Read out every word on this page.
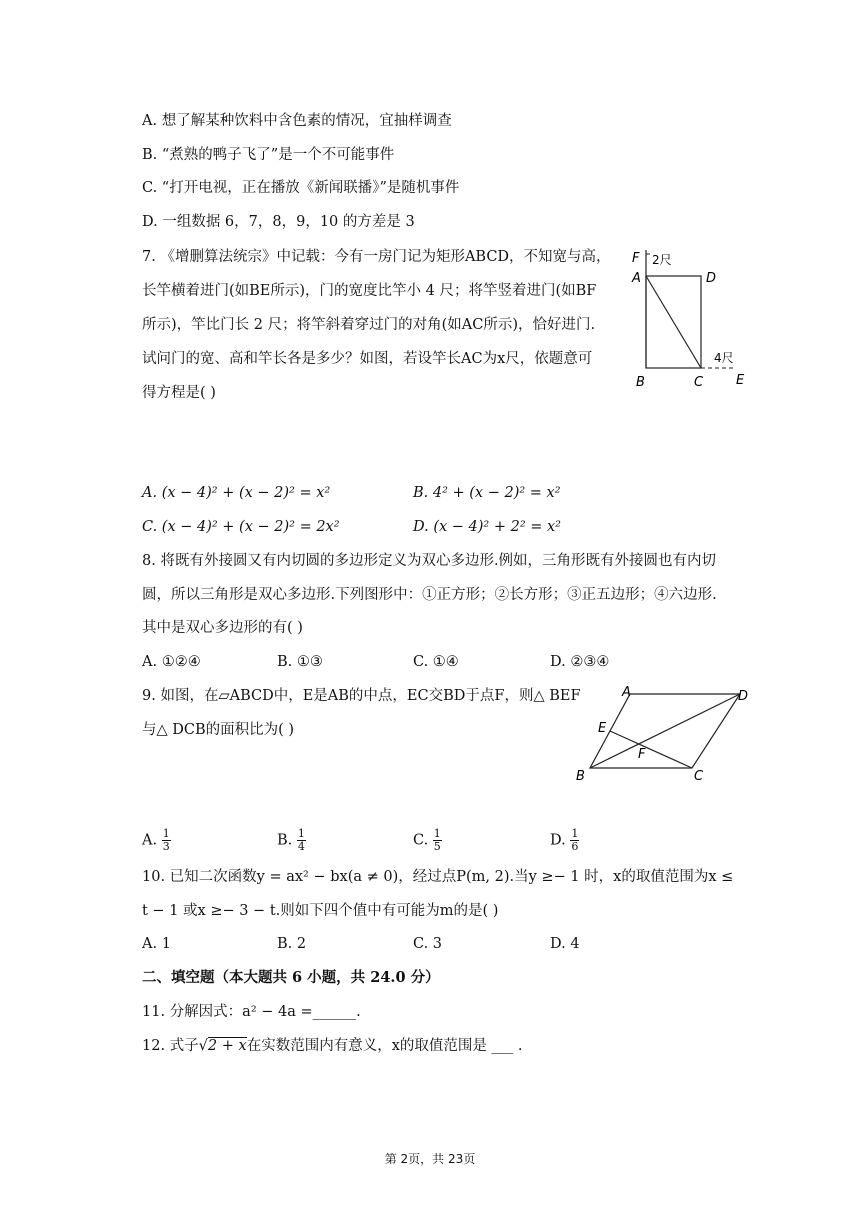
A. 想了解某种饮料中含色素的情况，宜抽样调查
B. “煮熟的鸭子飞了”是一个不可能事件
C. “打开电视，正在播放《新闻联播》”是随机事件
D. 一组数据 6，7，8，9，10 的方差是 3
7. 《增删算法统宗》中记载：今有一房门记为矩形ABCD，不知宽与高，
长竿横着进门(如BE所示)，门的宽度比竿小 4 尺；将竿竖着进门(如BF
所示)，竿比门长 2 尺；将竿斜着穿过门的对角(如AC所示)，恰好进门.
试问门的宽、高和竿长各是多少？如图，若设竿长AC为x尺，依题意可
得方程是( )
F 2尺
A	D
4尺
B	C	E
A. (x − 4)² + (x − 2)² = x²	B. 4² + (x − 2)² = x²
C. (x − 4)² + (x − 2)² = 2x²	D. (x − 4)² + 2² = x²
8. 将既有外接圆又有内切圆的多边形定义为双心多边形.例如，三角形既有外接圆也有内切
圆，所以三角形是双心多边形.下列图形中：①正方形；②长方形；③正五边形；④六边形.
其中是双心多边形的有( )
A. ①②④	B. ①③	C. ①④	D. ②③④
9. 如图，在▱ABCD中，E是AB的中点，EC交BD于点F，则△ BEF
与△ DCB的面积比为( )
A	D
E
F
B	C
A. $\frac{1}{3}$	B. $\frac{1}{4}$	C. $\frac{1}{5}$	D. $\frac{1}{6}$
10. 已知二次函数y = ax² − bx(a ≠ 0)，经过点P(m, 2).当y ≥− 1 时，x的取值范围为x ≤
t − 1 或x ≥− 3 − t.则如下四个值中有可能为m的是( )
A. 1	B. 2	C. 3	D. 4
二、填空题（本大题共 6 小题，共 24.0 分）
11. 分解因式：a² − 4a =______.
12. 式子√2 + x在实数范围内有意义，x的取值范围是 ___ .
第 2页，共 23页
